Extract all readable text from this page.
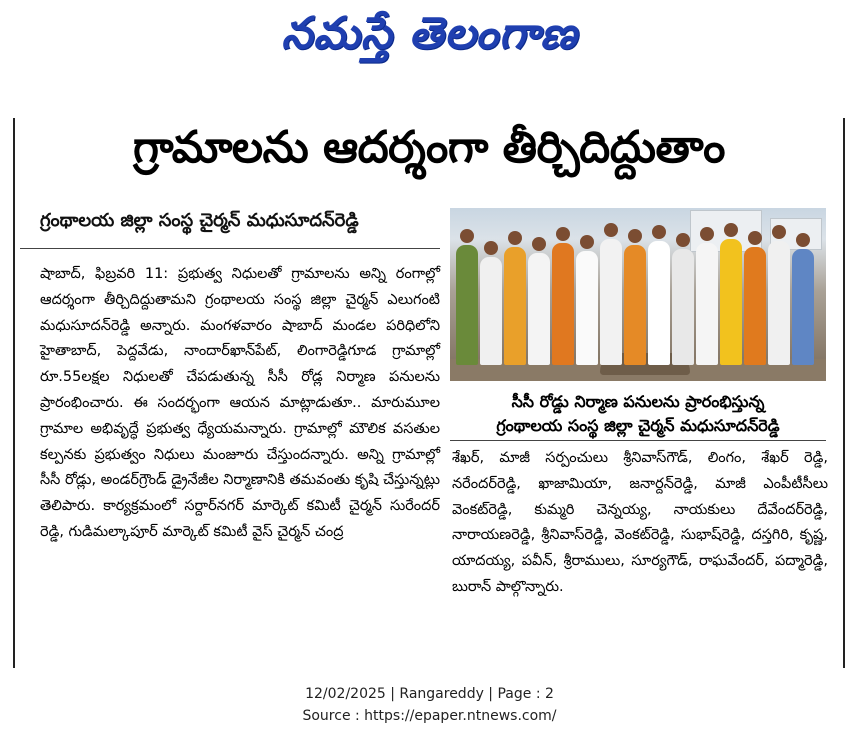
నమస్తే తెలంగాణ
గ్రామాలను ఆదర్శంగా తీర్చిదిద్దుతాం
గ్రంథాలయ జిల్లా సంస్థ చైర్మన్ మధుసూదన్‌రెడ్డి
షాబాద్, ఫిబ్రవరి 11: ప్రభుత్వ నిధులతో గ్రామాలను అన్ని రంగాల్లో ఆదర్శంగా తీర్చిదిద్దుతామని గ్రంథాలయ సంస్థ జిల్లా చైర్మన్ ఎలుగంటి మధుసూదన్‌రెడ్డి అన్నారు. మంగళవారం షాబాద్ మండల పరిధిలోని హైతాబాద్, పెద్దవేడు, నాందార్‌ఖాన్‌పేట్, లింగారెడ్డిగూడ గ్రామాల్లో రూ.55లక్షల నిధులతో చేపడుతున్న సీసీ రోడ్ల నిర్మాణ పనులను ప్రారంభించారు. ఈ సందర్భంగా ఆయన మాట్లాడుతూ.. మారుమూల గ్రామాల అభివృద్ధే ప్రభుత్వ ధ్యేయమన్నారు. గ్రామాల్లో మౌలిక వసతుల కల్పనకు ప్రభుత్వం నిధులు మంజూరు చేస్తుందన్నారు. అన్ని గ్రామాల్లో సీసీ రోడ్లు, అండర్‌గ్రౌండ్ డ్రైనేజీల నిర్మాణానికి తమవంతు కృషి చేస్తున్నట్లు తెలిపారు. కార్యక్రమంలో సర్దార్‌నగర్ మార్కెట్ కమిటీ చైర్మన్ సురేందర్ రెడ్డి, గుడిమల్కాపూర్ మార్కెట్ కమిటీ వైస్ చైర్మన్ చంద్ర
సీసీ రోడ్డు నిర్మాణ పనులను ప్రారంభిస్తున్న
గ్రంథాలయ సంస్థ జిల్లా చైర్మన్ మధుసూదన్‌రెడ్డి
శేఖర్, మాజీ సర్పంచులు శ్రీనివాస్‌గౌడ్, లింగం, శేఖర్ రెడ్డి, నరేందర్‌రెడ్డి, ఖాజామియా, జనార్దన్‌రెడ్డి, మాజీ ఎంపీటీసీలు వెంకట్‌రెడ్డి, కుమ్మరి చెన్నయ్య, నాయకులు దేవేందర్‌రెడ్డి, నారాయణరెడ్డి, శ్రీనివాస్‌రెడ్డి, వెంకట్‌రెడ్డి, సుభాష్‌రెడ్డి, దస్తగిరి, కృష్ణ, యాదయ్య, పవీన్, శ్రీరాములు, సూర్యగౌడ్, రాఘవేందర్, పద్మారెడ్డి, బురాన్ పాల్గొన్నారు.
12/02/2025 | Rangareddy | Page : 2
Source : https://epaper.ntnews.com/
